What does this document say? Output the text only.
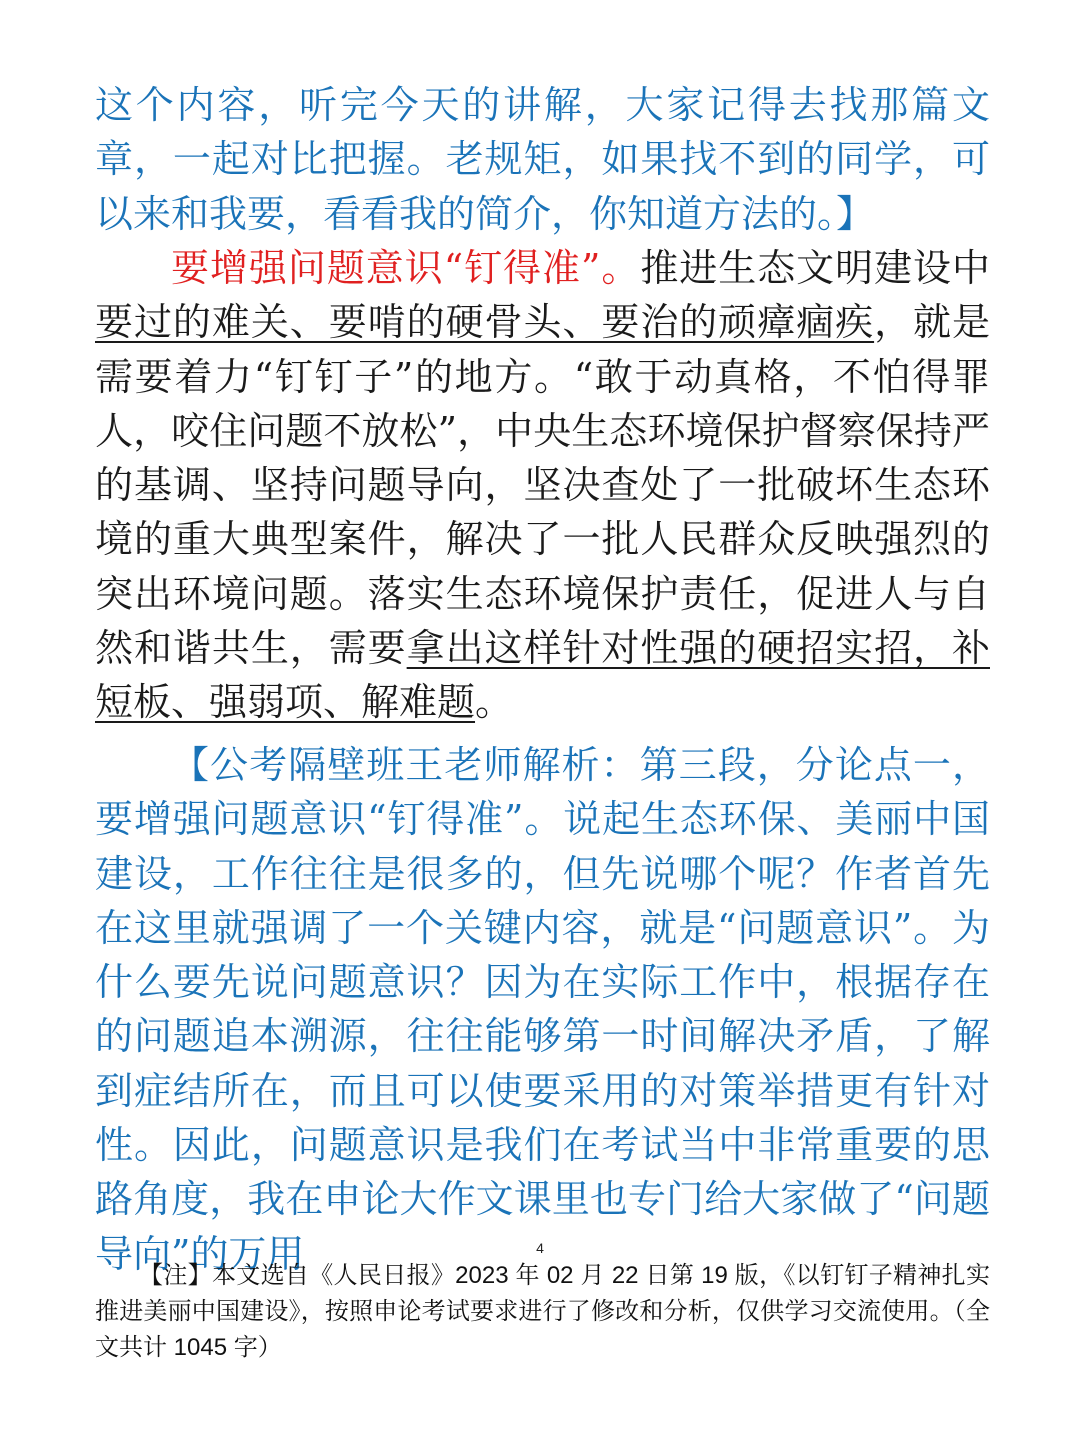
这个内容，听完今天的讲解，大家记得去找那篇文章，一起对比把握。老规矩，如果找不到的同学，可以来和我要，看看我的简介，你知道方法的。】

要增强问题意识“钉得准”。推进生态文明建设中要过的难关、要啃的硬骨头、要治的顽瘴痼疾，就是需要着力“钉钉子”的地方。“敢于动真格，不怕得罪人，咬住问题不放松”，中央生态环境保护督察保持严的基调、坚持问题导向，坚决查处了一批破坏生态环境的重大典型案件，解决了一批人民群众反映强烈的突出环境问题。落实生态环境保护责任，促进人与自然和谐共生，需要拿出这样针对性强的硬招实招，补短板、强弱项、解难题。

【公考隔壁班王老师解析：第三段，分论点一，要增强问题意识“钉得准”。说起生态环保、美丽中国建设，工作往往是很多的，但先说哪个呢？作者首先在这里就强调了一个关键内容，就是“问题意识”。为什么要先说问题意识？因为在实际工作中，根据存在的问题追本溯源，往往能够第一时间解决矛盾，了解到症结所在，而且可以使要采用的对策举措更有针对性。因此，问题意识是我们在考试当中非常重要的思路角度，我在申论大作文课里也专门给大家做了“问题导向”的万用	4

【注】本文选自《人民日报》2023 年 02 月 22 日第 19 版，《以钉钉子精神扎实推进美丽中国建设》，按照申论考试要求进行了修改和分析，仅供学习交流使用。（全文共计 1045 字）
